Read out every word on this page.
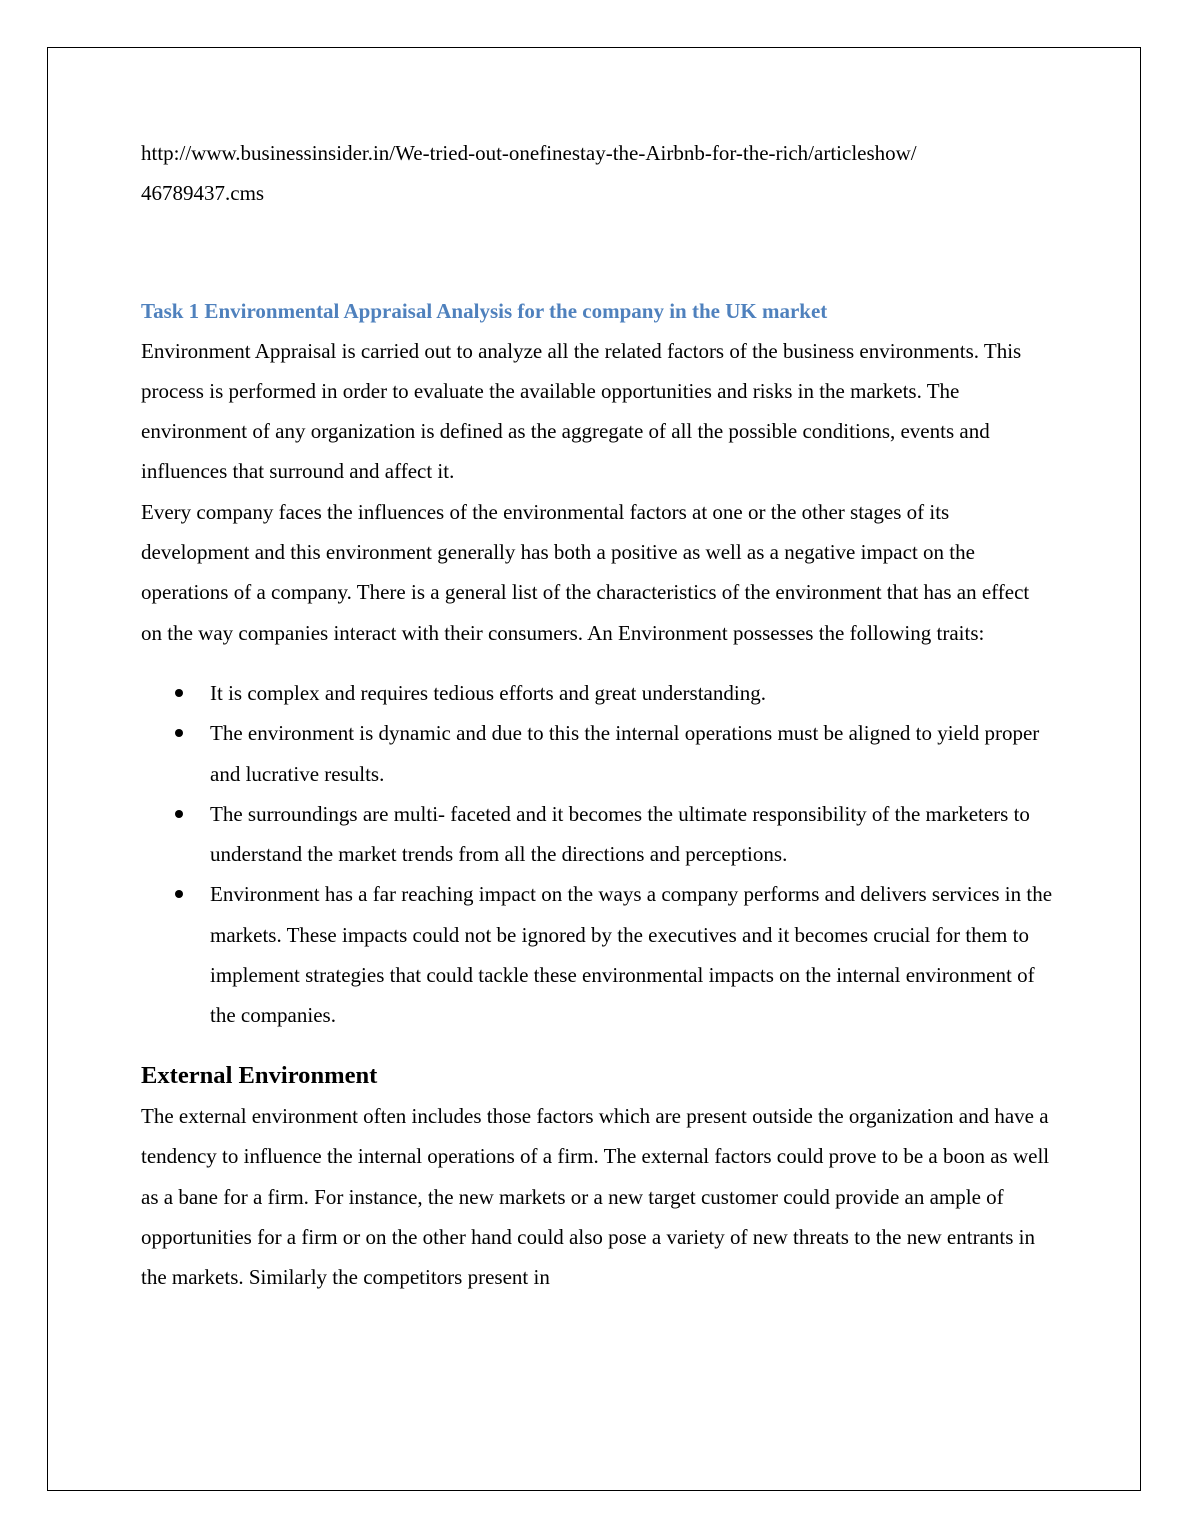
http://www.businessinsider.in/We-tried-out-onefinestay-the-Airbnb-for-the-rich/articleshow/
46789437.cms

Task 1 Environmental Appraisal Analysis for the company in the UK market

Environment Appraisal is carried out to analyze all the related factors of the business environments. This process is performed in order to evaluate the available opportunities and risks in the markets. The environment of any organization is defined as the aggregate of all the possible conditions, events and influences that surround and affect it.

Every company faces the influences of the environmental factors at one or the other stages of its development and this environment generally has both a positive as well as a negative impact on the operations of a company. There is a general list of the characteristics of the environment that has an effect on the way companies interact with their consumers. An Environment possesses the following traits:

It is complex and requires tedious efforts and great understanding.
The environment is dynamic and due to this the internal operations must be aligned to yield proper and lucrative results.
The surroundings are multi- faceted and it becomes the ultimate responsibility of the marketers to understand the market trends from all the directions and perceptions.
Environment has a far reaching impact on the ways a company performs and delivers services in the markets. These impacts could not be ignored by the executives and it becomes crucial for them to implement strategies that could tackle these environmental impacts on the internal environment of the companies.
External Environment

The external environment often includes those factors which are present outside the organization and have a tendency to influence the internal operations of a firm. The external factors could prove to be a boon as well as a bane for a firm. For instance, the new markets or a new target customer could provide an ample of opportunities for a firm or on the other hand could also pose a variety of new threats to the new entrants in the markets. Similarly the competitors present in
